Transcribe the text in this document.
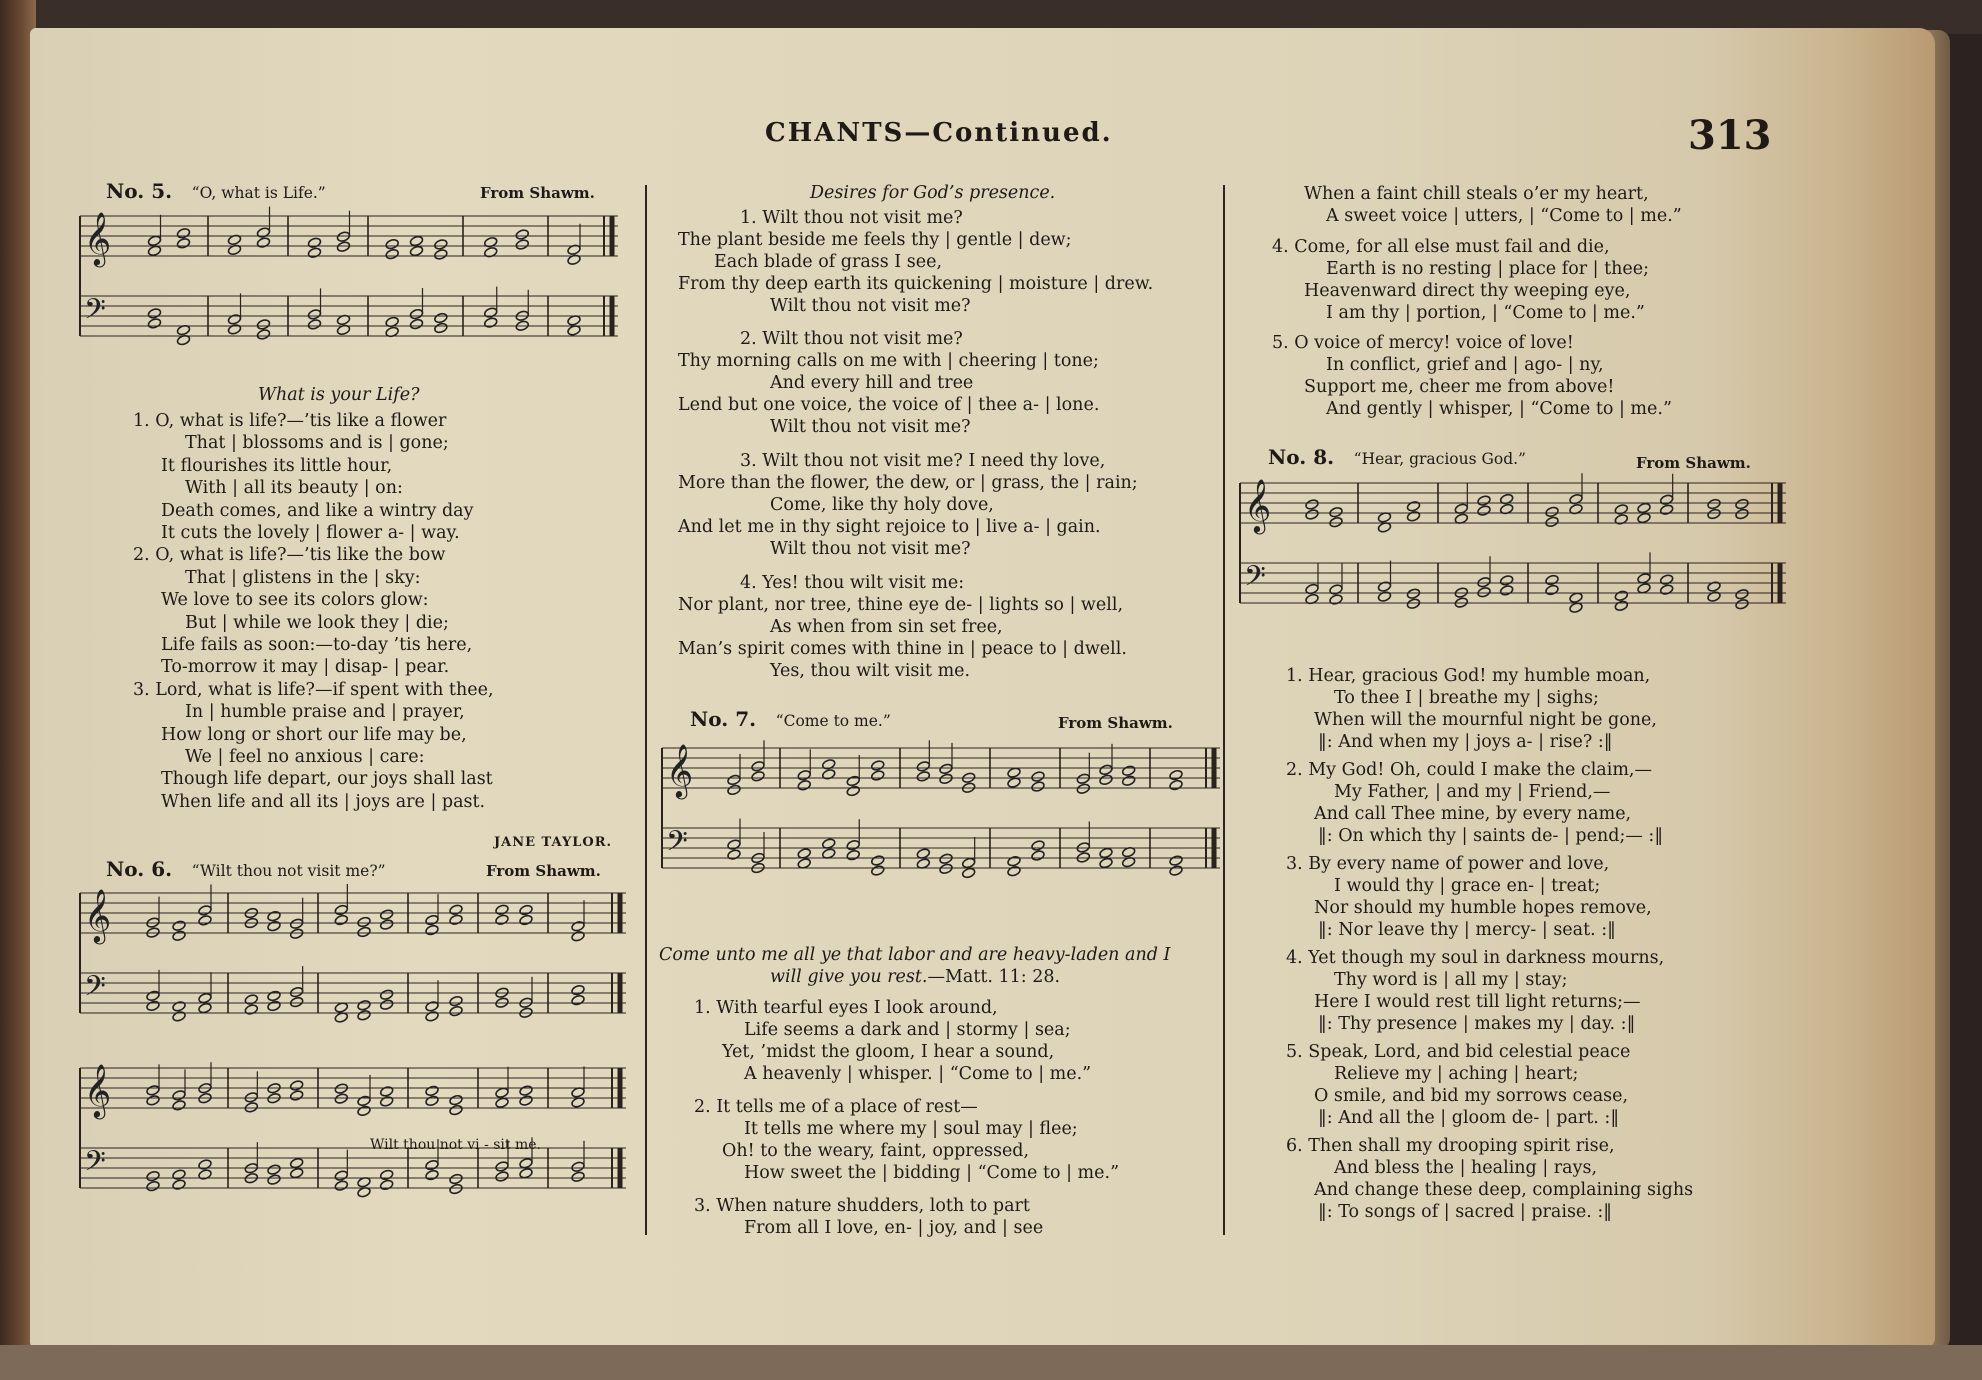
CHANTS—Continued.	313
No. 5. “O, what is Life.”	From Shawm.
𝄞
𝄢
What is your Life?
1. O, what is life?—’tis like a flower
That | blossoms and is | gone;
It flourishes its little hour,
With | all its beauty | on:
Death comes, and like a wintry day
It cuts the lovely | flower a- | way.
2. O, what is life?—’tis like the bow
That | glistens in the | sky:
We love to see its colors glow:
But | while we look they | die;
Life fails as soon:—to-day ’tis here,
To-morrow it may | disap- | pear.
3. Lord, what is life?—if spent with thee,
In | humble praise and | prayer,
How long or short our life may be,
We | feel no anxious | care:
Though life depart, our joys shall last
When life and all its | joys are | past.
JANE TAYLOR.
No. 6. “Wilt thou not visit me?”	From Shawm.
𝄞
𝄢
𝄞
𝄢	Wilt thou not vi - sit me.
Desires for God’s presence.
1. Wilt thou not visit me?
The plant beside me feels thy | gentle | dew;
Each blade of grass I see,
From thy deep earth its quickening | moisture | drew.
Wilt thou not visit me?
2. Wilt thou not visit me?
Thy morning calls on me with | cheering | tone;
And every hill and tree
Lend but one voice, the voice of | thee a- | lone.
Wilt thou not visit me?
3. Wilt thou not visit me? I need thy love,
More than the flower, the dew, or | grass, the | rain;
Come, like thy holy dove,
And let me in thy sight rejoice to | live a- | gain.
Wilt thou not visit me?
4. Yes! thou wilt visit me:
Nor plant, nor tree, thine eye de- | lights so | well,
As when from sin set free,
Man’s spirit comes with thine in | peace to | dwell.
Yes, thou wilt visit me.
No. 7. “Come to me.”	From Shawm.
𝄞
𝄢
Come unto me all ye that labor and are heavy-laden and I
will give you rest.—Matt. 11: 28.
1. With tearful eyes I look around,
Life seems a dark and | stormy | sea;
Yet, ’midst the gloom, I hear a sound,
A heavenly | whisper. | “Come to | me.”
2. It tells me of a place of rest—
It tells me where my | soul may | flee;
Oh! to the weary, faint, oppressed,
How sweet the | bidding | “Come to | me.”
3. When nature shudders, loth to part
From all I love, en- | joy, and | see
When a faint chill steals o’er my heart,
A sweet voice | utters, | “Come to | me.”
4. Come, for all else must fail and die,
Earth is no resting | place for | thee;
Heavenward direct thy weeping eye,
I am thy | portion, | “Come to | me.”
5. O voice of mercy! voice of love!
In conflict, grief and | ago- | ny,
Support me, cheer me from above!
And gently | whisper, | “Come to | me.”
No. 8. “Hear, gracious God.”	From Shawm.
𝄞
𝄢
1. Hear, gracious God! my humble moan,
To thee I | breathe my | sighs;
When will the mournful night be gone,
‖: And when my | joys a- | rise? :‖
2. My God! Oh, could I make the claim,—
My Father, | and my | Friend,—
And call Thee mine, by every name,
‖: On which thy | saints de- | pend;— :‖
3. By every name of power and love,
I would thy | grace en- | treat;
Nor should my humble hopes remove,
‖: Nor leave thy | mercy- | seat. :‖
4. Yet though my soul in darkness mourns,
Thy word is | all my | stay;
Here I would rest till light returns;—
‖: Thy presence | makes my | day. :‖
5. Speak, Lord, and bid celestial peace
Relieve my | aching | heart;
O smile, and bid my sorrows cease,
‖: And all the | gloom de- | part. :‖
6. Then shall my drooping spirit rise,
And bless the | healing | rays,
And change these deep, complaining sighs
‖: To songs of | sacred | praise. :‖
